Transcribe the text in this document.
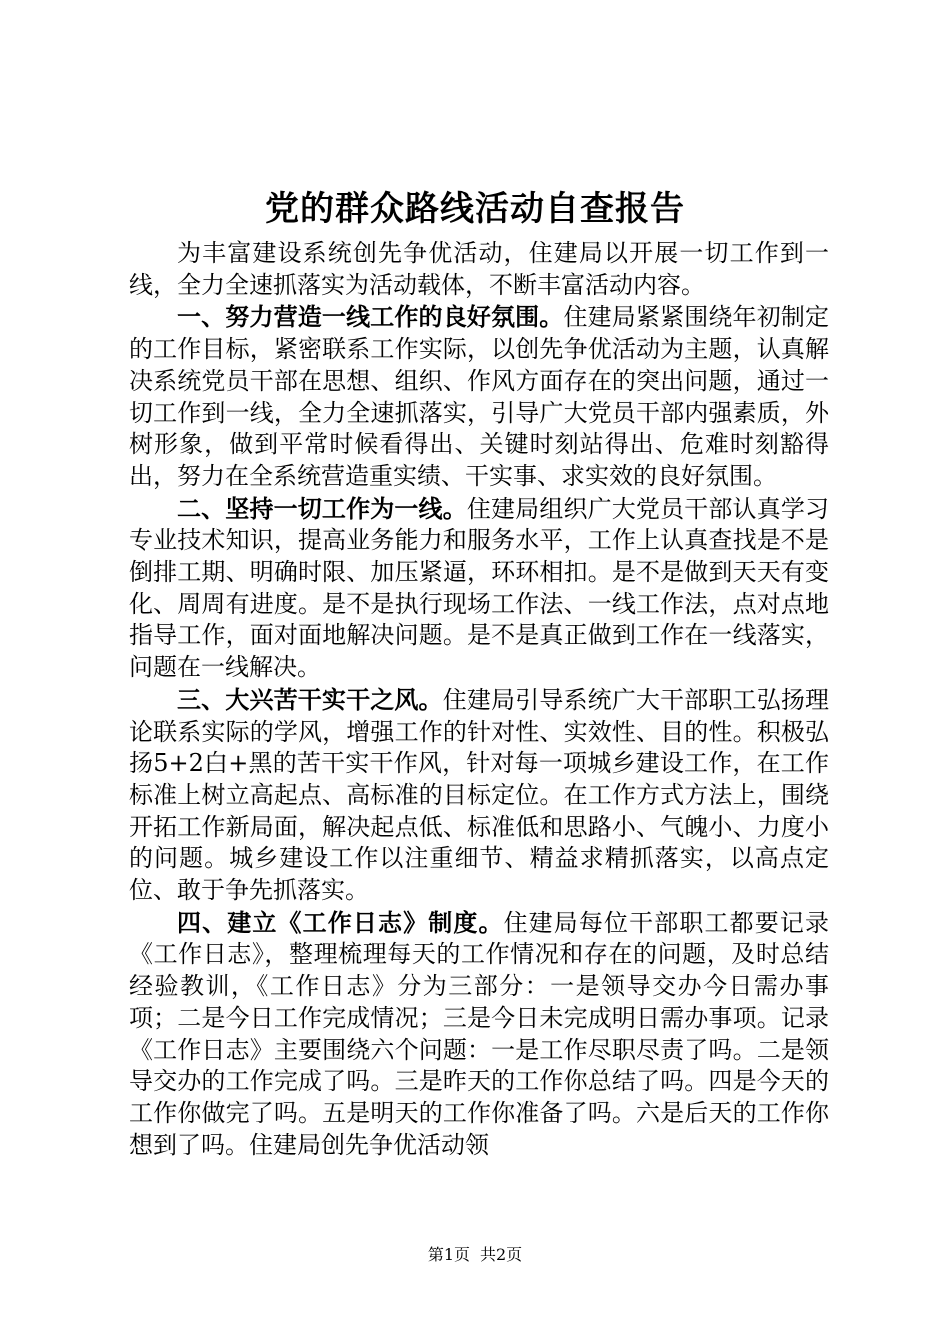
党的群众路线活动自查报告

为丰富建设系统创先争优活动，住建局以开展一切工作到一线，全力全速抓落实为活动载体，不断丰富活动内容。

一、努力营造一线工作的良好氛围。住建局紧紧围绕年初制定的工作目标，紧密联系工作实际，以创先争优活动为主题，认真解决系统党员干部在思想、组织、作风方面存在的突出问题，通过一切工作到一线，全力全速抓落实，引导广大党员干部内强素质，外树形象，做到平常时候看得出、关键时刻站得出、危难时刻豁得出，努力在全系统营造重实绩、干实事、求实效的良好氛围。

二、坚持一切工作为一线。住建局组织广大党员干部认真学习专业技术知识，提高业务能力和服务水平，工作上认真查找是不是倒排工期、明确时限、加压紧逼，环环相扣。是不是做到天天有变化、周周有进度。是不是执行现场工作法、一线工作法，点对点地指导工作，面对面地解决问题。是不是真正做到工作在一线落实，问题在一线解决。

三、大兴苦干实干之风。住建局引导系统广大干部职工弘扬理论联系实际的学风，增强工作的针对性、实效性、目的性。积极弘扬5+2白+黑的苦干实干作风，针对每一项城乡建设工作，在工作标准上树立高起点、高标准的目标定位。在工作方式方法上，围绕开拓工作新局面，解决起点低、标准低和思路小、气魄小、力度小的问题。城乡建设工作以注重细节、精益求精抓落实，以高点定位、敢于争先抓落实。

四、建立《工作日志》制度。住建局每位干部职工都要记录《工作日志》，整理梳理每天的工作情况和存在的问题，及时总结经验教训，《工作日志》分为三部分：一是领导交办今日需办事项；二是今日工作完成情况；三是今日未完成明日需办事项。记录《工作日志》主要围绕六个问题：一是工作尽职尽责了吗。二是领导交办的工作完成了吗。三是昨天的工作你总结了吗。四是今天的工作你做完了吗。五是明天的工作你准备了吗。六是后天的工作你想到了吗。住建局创先争优活动领

第1页 共2页
